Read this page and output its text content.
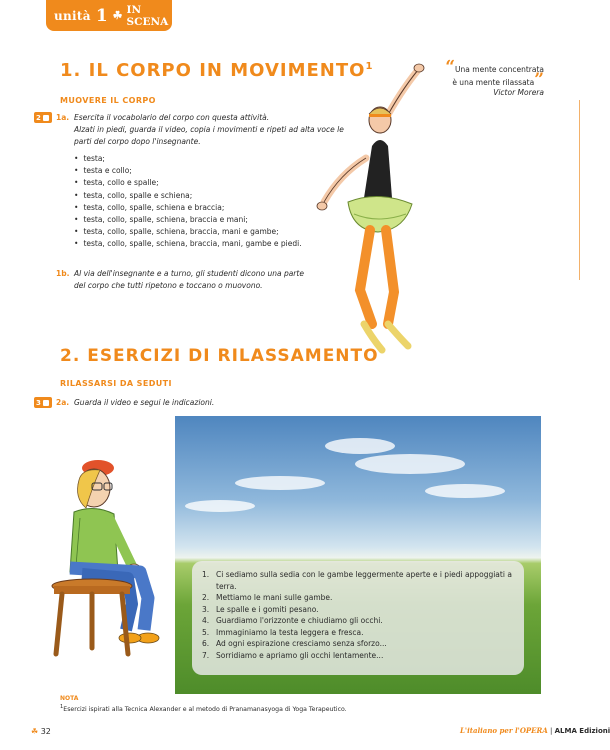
unità 1 ☘ IN SCENA
1. IL CORPO IN MOVIMENTO$^1$
MUOVERE IL CORPO
2 1a. Esercita il vocabolario del corpo con questa attività.
Alzati in piedi, guarda il video, copia i movimenti e ripeti ad alta voce le
parti del corpo dopo l'insegnante.
• testa;
• testa e collo;
• testa, collo e spalle;
• testa, collo, spalle e schiena;
• testa, collo, spalle, schiena e braccia;
• testa, collo, spalle, schiena, braccia e mani;
• testa, collo, spalle, schiena, braccia, mani e gambe;
• testa, collo, spalle, schiena, braccia, mani, gambe e piedi.
1b. Al via dell'insegnante e a turno, gli studenti dicono una parte
del corpo che tutti ripetono e toccano o muovono.
“Una mente concentrata
è una mente rilassata”
Victor Morera
2. ESERCIZI DI RILASSAMENTO
RILASSARSI DA SEDUTI
3 2a. Guarda il video e segui le indicazioni.
1. Ci sediamo sulla sedia con le gambe leggermente aperte e i piedi appoggiati a terra.
2. Mettiamo le mani sulle gambe.
3. Le spalle e i gomiti pesano.
4. Guardiamo l'orizzonte e chiudiamo gli occhi.
5. Immaginiamo la testa leggera e fresca.
6. Ad ogni espirazione cresciamo senza sforzo...
7. Sorridiamo e apriamo gli occhi lentamente...
NOTA
$^1$Esercizi ispirati alla Tecnica Alexander e al metodo di Pranamanasyoga di Yoga Terapeutico.
☘ 32	L'italiano per l'OPERA | ALMA Edizioni
